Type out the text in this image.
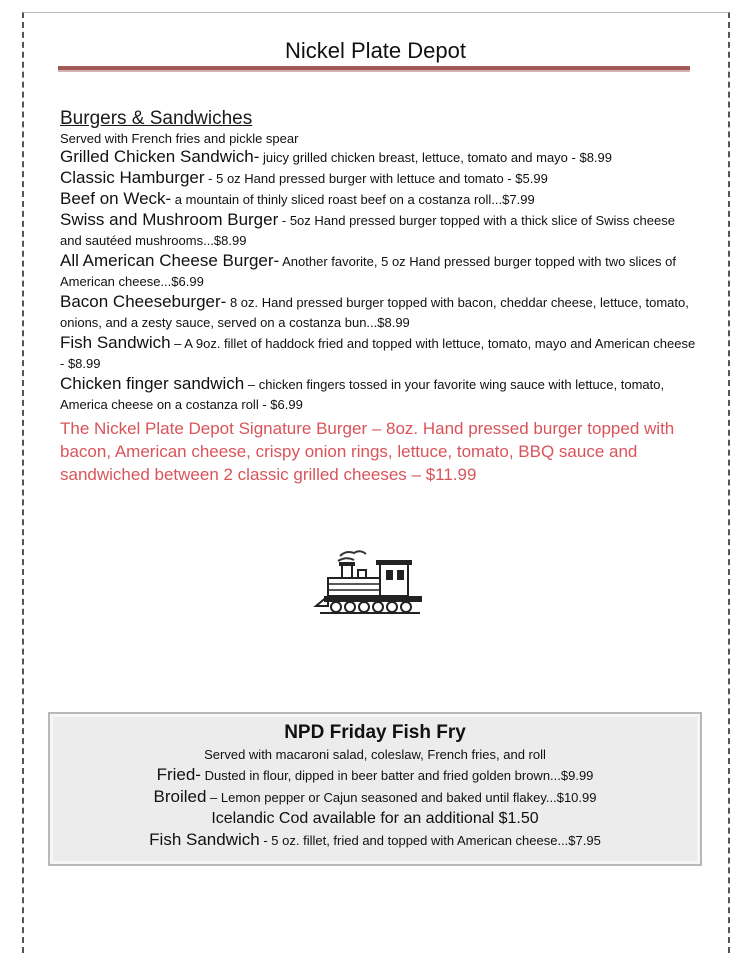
Nickel Plate Depot
Burgers & Sandwiches
Served with French fries and pickle spear
Grilled Chicken Sandwich- juicy grilled chicken breast, lettuce, tomato and mayo - $8.99
Classic Hamburger - 5 oz Hand pressed burger with lettuce and tomato - $5.99
Beef on Weck- a mountain of thinly sliced roast beef on a costanza roll...$7.99
Swiss and Mushroom Burger - 5oz Hand pressed burger topped with a thick slice of Swiss cheese and sautéed mushrooms...$8.99
All American Cheese Burger- Another favorite, 5 oz Hand pressed burger topped with two slices of American cheese...$6.99
Bacon Cheeseburger- 8 oz. Hand pressed burger topped with bacon, cheddar cheese, lettuce, tomato, onions, and a zesty sauce, served on a costanza bun...$8.99
Fish Sandwich – A 9oz. fillet of haddock fried and topped with lettuce, tomato, mayo and American cheese - $8.99
Chicken finger sandwich – chicken fingers tossed in your favorite wing sauce with lettuce, tomato, America cheese on a costanza roll - $6.99
The Nickel Plate Depot Signature Burger – 8oz. Hand pressed burger topped with bacon, American cheese, crispy onion rings, lettuce, tomato, BBQ sauce and sandwiched between 2 classic grilled cheeses – $11.99
NPD Friday Fish Fry
Served with macaroni salad, coleslaw, French fries, and roll
Fried- Dusted in flour, dipped in beer batter and fried golden brown...$9.99
Broiled – Lemon pepper or Cajun seasoned and baked until flakey...$10.99
Icelandic Cod available for an additional $1.50
Fish Sandwich - 5 oz. fillet, fried and topped with American cheese...$7.95
